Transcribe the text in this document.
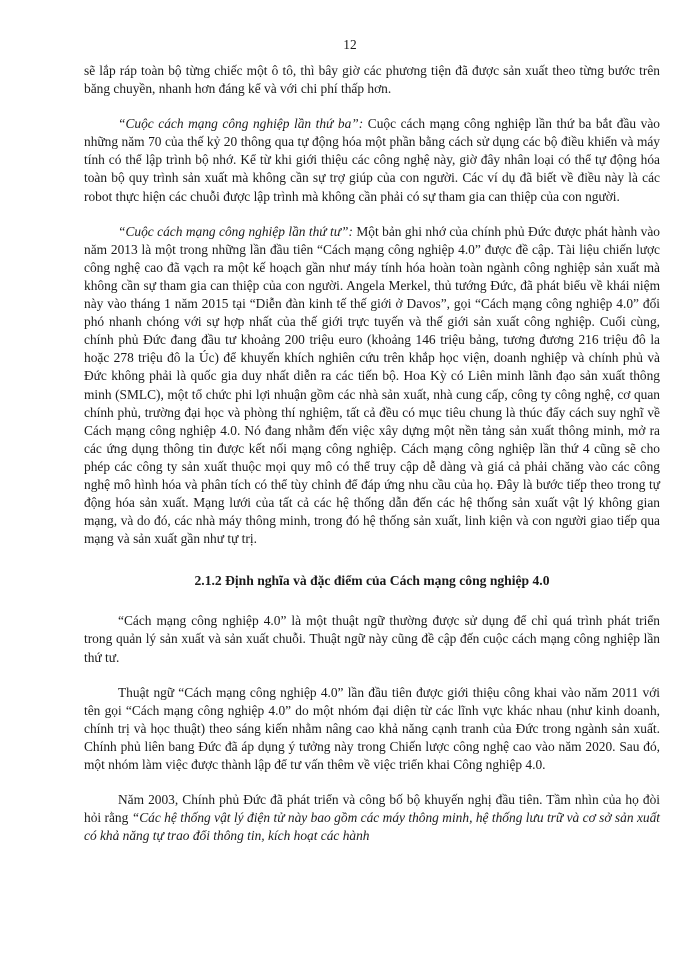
12

sẽ lắp ráp toàn bộ từng chiếc một ô tô, thì bây giờ các phương tiện đã được sản xuất theo từng bước trên băng chuyền, nhanh hơn đáng kể và với chi phí thấp hơn.

“Cuộc cách mạng công nghiệp lần thứ ba”: Cuộc cách mạng công nghiệp lần thứ ba bắt đầu vào những năm 70 của thế kỷ 20 thông qua tự động hóa một phần bằng cách sử dụng các bộ điều khiển và máy tính có thể lập trình bộ nhớ. Kể từ khi giới thiệu các công nghệ này, giờ đây nhân loại có thể tự động hóa toàn bộ quy trình sản xuất mà không cần sự trợ giúp của con người. Các ví dụ đã biết về điều này là các robot thực hiện các chuỗi được lập trình mà không cần phải có sự tham gia can thiệp của con người.

“Cuộc cách mạng công nghiệp lần thứ tư”: Một bản ghi nhớ của chính phủ Đức được phát hành vào năm 2013 là một trong những lần đầu tiên “Cách mạng công nghiệp 4.0” được đề cập. Tài liệu chiến lược công nghệ cao đã vạch ra một kế hoạch gần như máy tính hóa hoàn toàn ngành công nghiệp sản xuất mà không cần sự tham gia can thiệp của con người. Angela Merkel, thủ tướng Đức, đã phát biểu về khái niệm này vào tháng 1 năm 2015 tại “Diễn đàn kinh tế thế giới ở Davos”, gọi “Cách mạng công nghiệp 4.0” đối phó nhanh chóng với sự hợp nhất của thế giới trực tuyến và thế giới sản xuất công nghiệp. Cuối cùng, chính phủ Đức đang đầu tư khoảng 200 triệu euro (khoảng 146 triệu bảng, tương đương 216 triệu đô la hoặc 278 triệu đô la Úc) để khuyến khích nghiên cứu trên khắp học viện, doanh nghiệp và chính phủ và Đức không phải là quốc gia duy nhất diễn ra các tiến bộ. Hoa Kỳ có Liên minh lãnh đạo sản xuất thông minh (SMLC), một tổ chức phi lợi nhuận gồm các nhà sản xuất, nhà cung cấp, công ty công nghệ, cơ quan chính phủ, trường đại học và phòng thí nghiệm, tất cả đều có mục tiêu chung là thúc đẩy cách suy nghĩ về Cách mạng công nghiệp 4.0. Nó đang nhằm đến việc xây dựng một nền tảng sản xuất thông minh, mở ra các ứng dụng thông tin được kết nối mạng công nghiệp. Cách mạng công nghiệp lần thứ 4 cũng sẽ cho phép các công ty sản xuất thuộc mọi quy mô có thể truy cập dễ dàng và giá cả phải chăng vào các công nghệ mô hình hóa và phân tích có thể tùy chỉnh để đáp ứng nhu cầu của họ. Đây là bước tiếp theo trong tự động hóa sản xuất. Mạng lưới của tất cả các hệ thống dẫn đến các hệ thống sản xuất vật lý không gian mạng, và do đó, các nhà máy thông minh, trong đó hệ thống sản xuất, linh kiện và con người giao tiếp qua mạng và sản xuất gần như tự trị.

2.1.2 Định nghĩa và đặc điểm của Cách mạng công nghiệp 4.0

“Cách mạng công nghiệp 4.0” là một thuật ngữ thường được sử dụng để chỉ quá trình phát triển trong quản lý sản xuất và sản xuất chuỗi. Thuật ngữ này cũng đề cập đến cuộc cách mạng công nghiệp lần thứ tư.

Thuật ngữ “Cách mạng công nghiệp 4.0” lần đầu tiên được giới thiệu công khai vào năm 2011 với tên gọi “Cách mạng công nghiệp 4.0” do một nhóm đại diện từ các lĩnh vực khác nhau (như kinh doanh, chính trị và học thuật) theo sáng kiến nhằm nâng cao khả năng cạnh tranh của Đức trong ngành sản xuất. Chính phủ liên bang Đức đã áp dụng ý tưởng này trong Chiến lược công nghệ cao vào năm 2020. Sau đó, một nhóm làm việc được thành lập để tư vấn thêm về việc triển khai Công nghiệp 4.0.

Năm 2003, Chính phủ Đức đã phát triển và công bố bộ khuyến nghị đầu tiên. Tầm nhìn của họ đòi hỏi rằng “Các hệ thống vật lý điện tử này bao gồm các máy thông minh, hệ thống lưu trữ và cơ sở sản xuất có khả năng tự trao đổi thông tin, kích hoạt các hành
